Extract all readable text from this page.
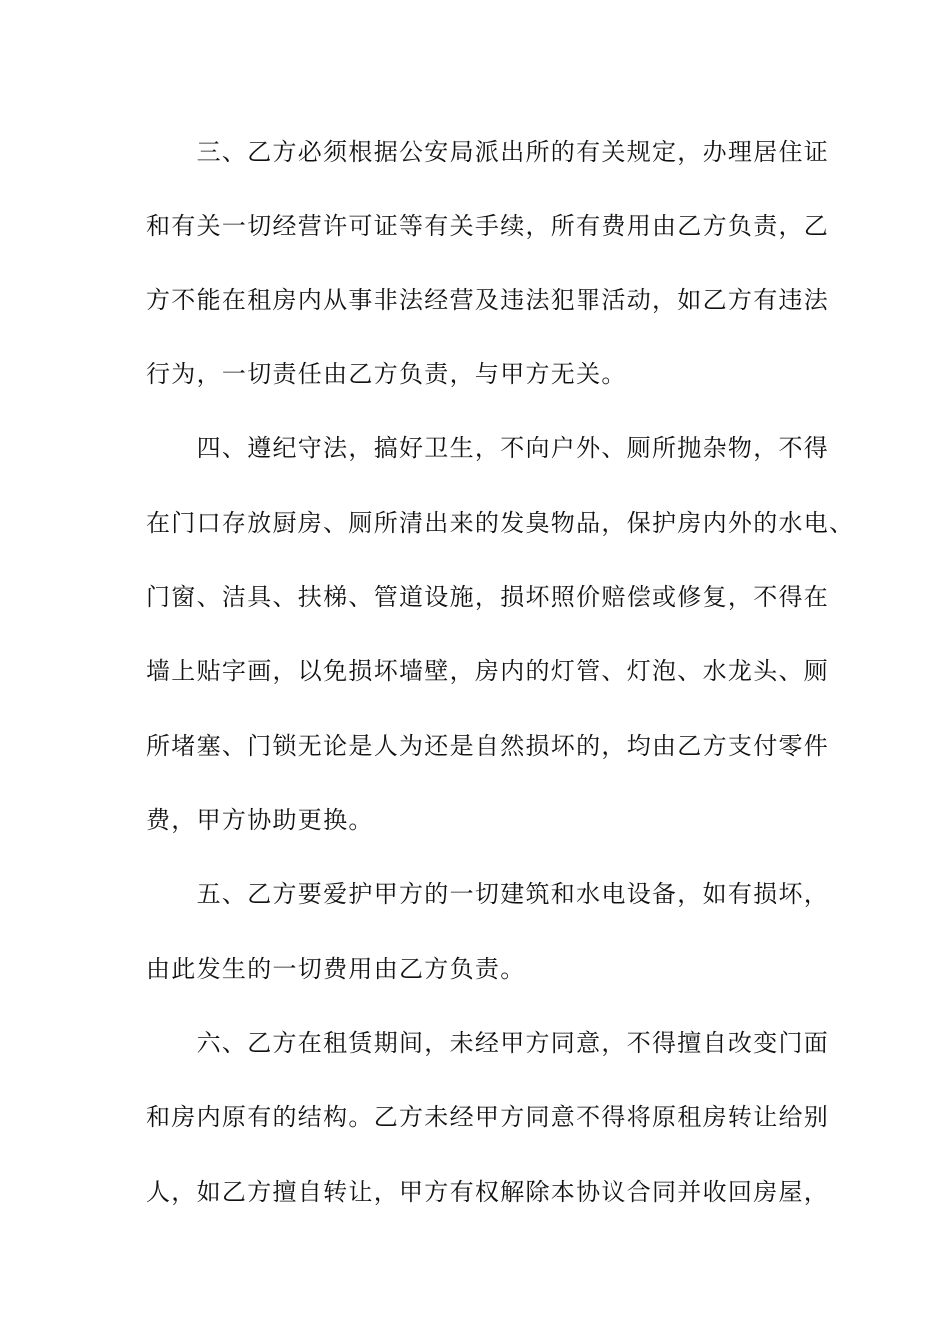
　　三、乙方必须根据公安局派出所的有关规定，办理居住证
和有关一切经营许可证等有关手续，所有费用由乙方负责，乙
方不能在租房内从事非法经营及违法犯罪活动，如乙方有违法
行为，一切责任由乙方负责，与甲方无关。
　　四、遵纪守法，搞好卫生，不向户外、厕所抛杂物，不得
在门口存放厨房、厕所清出来的发臭物品，保护房内外的水电、
门窗、洁具、扶梯、管道设施，损坏照价赔偿或修复，不得在
墙上贴字画，以免损坏墙壁，房内的灯管、灯泡、水龙头、厕
所堵塞、门锁无论是人为还是自然损坏的，均由乙方支付零件
费，甲方协助更换。
　　五、乙方要爱护甲方的一切建筑和水电设备，如有损坏，
由此发生的一切费用由乙方负责。
　　六、乙方在租赁期间，未经甲方同意，不得擅自改变门面
和房内原有的结构。乙方未经甲方同意不得将原租房转让给别
人，如乙方擅自转让，甲方有权解除本协议合同并收回房屋，
